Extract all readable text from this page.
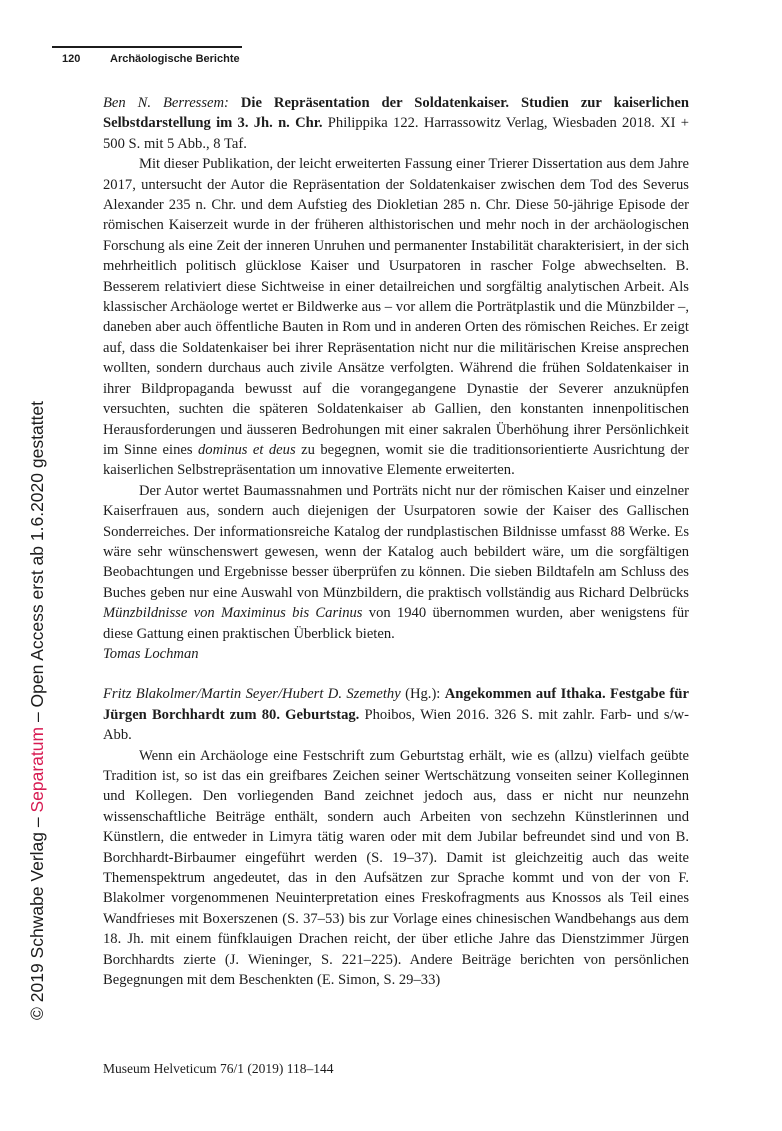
120	Archäologische Berichte
© 2019 Schwabe Verlag – Separatum – Open Access erst ab 1.6.2020 gestattet

Ben N. Berressem: Die Repräsentation der Soldatenkaiser. Studien zur kaiserlichen Selbstdarstellung im 3. Jh. n. Chr. Philippika 122. Harrassowitz Verlag, Wiesbaden 2018. XI + 500 S. mit 5 Abb., 8 Taf.

Mit dieser Publikation, der leicht erweiterten Fassung einer Trierer Dissertation aus dem Jahre 2017, untersucht der Autor die Repräsentation der Soldatenkaiser zwischen dem Tod des Severus Alexander 235 n. Chr. und dem Aufstieg des Diokletian 285 n. Chr. Diese 50-jährige Episode der römischen Kaiserzeit wurde in der früheren althistorischen und mehr noch in der archäologischen Forschung als eine Zeit der inneren Unruhen und permanenter Instabilität charakterisiert, in der sich mehrheitlich politisch glücklose Kaiser und Usurpatoren in rascher Folge abwechselten. B. Besserem relativiert diese Sichtweise in einer detailreichen und sorgfältig analytischen Arbeit. Als klassischer Archäologe wertet er Bildwerke aus – vor allem die Porträtplastik und die Münzbilder –, daneben aber auch öffentliche Bauten in Rom und in anderen Orten des römischen Reiches. Er zeigt auf, dass die Soldatenkaiser bei ihrer Repräsentation nicht nur die militärischen Kreise ansprechen wollten, sondern durchaus auch zivile Ansätze verfolgten. Während die frühen Soldatenkaiser in ihrer Bildpropaganda bewusst auf die vorangegangene Dynastie der Severer anzuknüpfen versuchten, suchten die späteren Soldatenkaiser ab Gallien, den konstanten innenpolitischen Herausforderungen und äusseren Bedrohungen mit einer sakralen Überhöhung ihrer Persönlichkeit im Sinne eines dominus et deus zu begegnen, womit sie die traditionsorientierte Ausrichtung der kaiserlichen Selbstrepräsentation um innovative Elemente erweiterten.

Der Autor wertet Baumassnahmen und Porträts nicht nur der römischen Kaiser und einzelner Kaiserfrauen aus, sondern auch diejenigen der Usurpatoren sowie der Kaiser des Gallischen Sonderreiches. Der informationsreiche Katalog der rundplastischen Bildnisse umfasst 88 Werke. Es wäre sehr wünschenswert gewesen, wenn der Katalog auch bebildert wäre, um die sorgfältigen Beobachtungen und Ergebnisse besser überprüfen zu können. Die sieben Bildtafeln am Schluss des Buches geben nur eine Auswahl von Münzbildern, die praktisch vollständig aus Richard Delbrücks Münzbildnisse von Maximinus bis Carinus von 1940 übernommen wurden, aber wenigstens für diese Gattung einen praktischen Überblick bieten.

Tomas Lochman

Fritz Blakolmer/Martin Seyer/Hubert D. Szemethy (Hg.): Angekommen auf Ithaka. Festgabe für Jürgen Borchhardt zum 80. Geburtstag. Phoibos, Wien 2016. 326 S. mit zahlr. Farb- und s/w-Abb.

Wenn ein Archäologe eine Festschrift zum Geburtstag erhält, wie es (allzu) vielfach geübte Tradition ist, so ist das ein greifbares Zeichen seiner Wertschätzung vonseiten seiner Kolleginnen und Kollegen. Den vorliegenden Band zeichnet jedoch aus, dass er nicht nur neunzehn wissenschaftliche Beiträge enthält, sondern auch Arbeiten von sechzehn Künstlerinnen und Künstlern, die entweder in Limyra tätig waren oder mit dem Jubilar befreundet sind und von B. Borchhardt-Birbaumer eingeführt werden (S. 19–37). Damit ist gleichzeitig auch das weite Themenspektrum angedeutet, das in den Aufsätzen zur Sprache kommt und von der von F. Blakolmer vorgenommenen Neuinterpretation eines Freskofragments aus Knossos als Teil eines Wandfrieses mit Boxerszenen (S. 37–53) bis zur Vorlage eines chinesischen Wandbehangs aus dem 18. Jh. mit einem fünfklauigen Drachen reicht, der über etliche Jahre das Dienstzimmer Jürgen Borchhardts zierte (J. Wieninger, S. 221–225). Andere Beiträge berichten von persönlichen Begegnungen mit dem Beschenkten (E. Simon, S. 29–33)

Museum Helveticum 76/1 (2019) 118–144
